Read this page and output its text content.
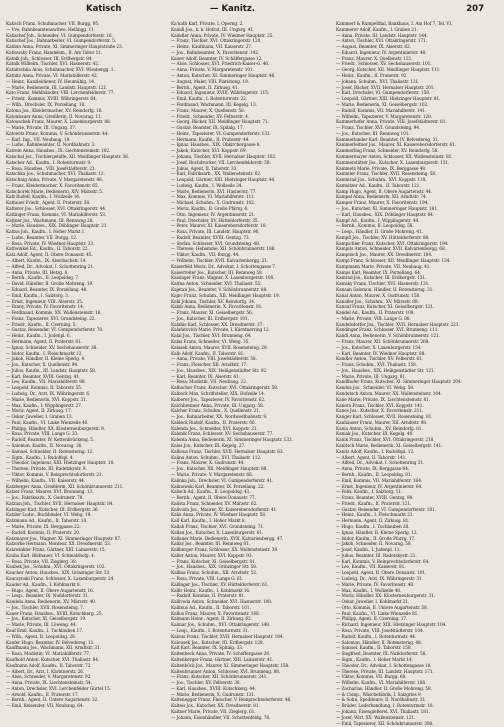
Katisch	— Kanitz.	207

Katisch Franz, Schuhmacher, VII. Burgg. 95.

— Vve, Bahnbeamtenswitwe, Hellingg. 11.

Katischef Joh., Schneider, VI. Gumpendorferstr. 16.

Katischef Jos., Bahnarbeiter, VI. Gumpendorferstr. 5.

Katlein Anna, Private, XI. Simmeringer Hauptstraße 23.

Katlowsky Franz, Handelsm., II. Am Tabor 11.

Katnik Joh., Schlosser, III. Erdbergstr. 84.

Katnik Wilhelm, Tischler, XVI. Hasnerstr. 42.

Katnitschka Alois, Schuhmacher, XVI. Wiesbergg. 1.

Katnitz Anna, Private, VI. Mariahilferstr. 42.

— Heinr., Kanzleidiener, IV. Heumühlg. 14.

— Marie, Bedienerin, III. Landstr. Hauptstr. 121.

Kato Franz, Mehlhändler, VIII. Lerchenfelderstr. 77.

— Friedr., Kommis, XVIII. Währingerstr. 64.

— Wilh., Drechsler, IX. Porzellang. 18.

Katona Jos., Kleidermacher, XV. Reindorfg. 16.

Katonbauer Anna, Greißlerin, II. Novarag. 11.

Katouschek Franz, Maurer, X. Laxenburgerstr. 88.

— Marie, Private, III. Ungarg. 37.

Katowitz Franz, Kommis, V. Schönbrunnerstr. 44.

— Karl, Ing., VII. Neubaug. 19.

— Ludw., Bahnbeamter, II. Nordbahnstr. 3.

Katrein Anna, Hausbes., IX. Liechtensteinstr. 102.

Katschal Jos., Tischlergehilfe, XII. Meidlinger Hauptstr. 36.

Katscher Ad., Kaufm., I. Rotenturmstr. 9.

— Rosa, Hausbes., VIII. Josefstädterstr. 23.

Katschka Jos., Schuhmacher, XVI. Thaliastr. 12.

Katschnig Anna, Private, V. Margaretenstr. 48.

— Franz, Kleidermacher, X. Favoritenstr. 65.

Katschorek Marie, Bedienerin, XIV. Märzstr. 5.

Katt Rudolf, Kaufm., I. Wollzeile 16.

Kattauer Friedr., Agent, II. Praterstr. 38.

Katterer Jos., Schlosser, XVI. Ottakringerstr. 44.

Kattinger Franz, Kommis, VI. Mariahilferstr. 53.

Kattner Jos., Wachmann, III. Rennweg 28.

— Marie, Hausbes., XIX. Döblinger Hauptstr. 21.

Kattus Joh., Kaufm., I. Hoher Markt 1.

— Ludw., Beamter, VII. Burgg. 12.

— Rosa, Private, IV. Wiedner Hauptstr. 33.

Kattwinkel Ed., Kaufm., II. Taborstr. 22.

Katz Adolf, Agent, II. Obere Donaustr. 45.

— Albert, Kaufm., IX. Alserbachstr. 14.

— Alfred, Dr., Advokat, I. Schottenring 21.

— Anna, Private, III. Hetzg. 8.

— Bernh., Kaufm., II. Leopoldsg. 7.

— David, Händler, II. Große Mohreng. 19.

— Eduard, Beamter, IX. Porzellang. 48.

— Emil, Kaufm., I. Salztorg. 3.

— Ernst, Ingenieur, VIII. Alserstr. 25.

— Fanny, Private, IV. Favoritenstr. 14.

— Ferdinand, Kommis, XX. Wallensteinstr. 16.

— Franz, Tapezierer, XVI. Grundsteing. 22.

— Friedr., Kaufm., II. Czerning. 5.

— Gustav, Reisender, VI. Gumpendorferstr. 70.

— Heinr., Kaufm., I. Judenpl. 6.

— Hermann, Agent, II. Praterstr. 61.

— Ignaz, Schneider, XV. Sechshauserstr. 38.

— Isidor, Kaufm., I. Fleischmarkt 12.

— Jakob, Händler, II. Kleine Sperlg. 4.

— Jos., Kutscher, X. Quellenstr. 94.

— Julius, Kaufm., III. Landstr. Hauptstr. 58.

— Karl, Beamter, XVIII. Gentzg. 41.

— Leo, Kaufm., VII. Mariahilferstr. 98.

— Leopold, Kommis, II. Taborstr. 55.

— Ludwig, Dr., Arzt, IX. Währingerstr. 6.

— Marie, Bedienerin, XVI. Koppstr. 31.

— Max, Kaufm., I. Wipplingerstr. 27.

— Moriz, Agent, II. Zirkusg. 17.

— Oskar, Juwelier, I. Graben 13.

— Paul, Kaufm., VI. Linke Wienzeile 40.

— Philipp, Händler, XX. Klosterneuburgerstr. 9.

— Rosa, Private, VIII. Lange G. 33.

— Rudolf, Beamter, IV. Kettenbrückeng. 5.

— Salomon, Kaufm., II. Novarag. 36.

— Samuel, Schneider, II. Rotensterng. 12.

— Sigm., Kaufm., I. Rudolfspl. 4.

— Theodor, Ingenieur, XIII. Hietzinger Hauptstr. 18.

— Therese, Private, III. Radetzkystr. 9.

— Viktor, Kommis, V. Reinprechtsdorferstr. 21.

— Wilhelm, Kaufm., VII. Kaiserstr. 44.

Katzberger Anna, Greißlerin, XII. Schönbrunnerstr. 211.

Katzer Franz, Maurer, XVI. Brunneng. 13.

— Jos., Fabriksarb., X. Gudrunstr. 78.

Katzian Joh., Tischler, XVII. Hernalser Hauptstr. 84.

Katzinger Karl, Kutscher, III. Erdbergstr. 36.

Katzler Ludw., Buchbinder, VI. Webg. 19.

Katzmann Ad., Kaufm., II. Taborstr. 10.

— Marie, Private, IX. Berggasse 22.

— Rudolf, Kommis, II. Praterstr. 20.

Katzmayer Jos., Wagner, XI. Simmeringer Hauptstr. 87.

Katzorke Hermann, Monteur, XX. Dresdnerstr. 53.

Katzwinkler Franz, Gärtner, XIII. Lainzerstr. 15.

Kauba Karl, Bildhauer, VI. Schmalzhofg. 4.

— Rosa, Private, VII. Zieglerg. 38.

Kaubek Jos., Schuhm., XVI. Ottakringerstr. 102.

Kaucher Anton, Hausbes., XIX. Grinzinger Str. 33.

Kauczynski Franz, Schlosser, X. Laxenburgerstr. 24.

Kauder Ad., Kaufm., I. Kohlmarkt 8.

— Hugo, Agent, II. Obere Augartenstr. 16.

— Leop., Beamter, IX. Nußdorferstr. 31.

Kaudela Anna, Bedienerin, XV. Märzstr. 40.

— Jos., Tischler, XVII. Rosensteing. 7.

Kauer Franz, Hausbes., XVIII. Kutschkerg. 25.

— Jos., Kutscher, XI. Geiselbergstr. 19.

— Marie, Private, III. Löweng. 44.

Kauf Emil, Kaufm., I. Tuchlauben 17.

— Wilh., Agent, II. Leopoldsg. 28.

Kaufer Hugo, Beamter, IV. Belvedereg. 11.

Kauffmann Jos., Wachmann, XII. Arndtstr. 31.

— Rosa, Modistin, VI. Mariahilferstr. 77.

Kaufhold Anton, Kutscher, XVI. Thaliastr. 84.

Kaufmann Adolf, Kaufm., II. Taborstr. 72.

— Albert, Dr., Arzt, I. Kärntnerstr. 26.

— Alois, Schneider, V. Margaretenstr. 92.

— Anna, Private, IX. Liechtensteinstr. 54.

— Anton, Drechsler, XVI. Lerchenfelder Gürtel 15.

— Arnold, Kaufm., II. Praterstr. 17.

— Bernh., Agent, II. Untere Augartenstr. 32.

— Emil, Reisender, VII. Neubaug. 64.

Ka'nath Karl, Private, I. Operng. 2.

Kaindl Jos., k. k. Hofrat, III. Ungarg. 41.

Kaindler Anna, Private, IV. Wiedner Hauptstr. 25.

— Franz, Tischler, XVI. Ottakringerstr. 120.

— Heinr., Kaufmann, VII. Kaiserstr. 27.

— Jos., Bahnbeamter, X. Favoritenstr. 142.

Kaiser Adolf, Beamter, IV. Schäffergasse 12.

— Alois, Schlosser, XVI. Friedrich-Kaiser-G. 46.

— Anna, Private, V. Margaretenstr. 101.

— Anton, Kutscher, XI. Simmeringer Hauptstr. 48.

— August, Maler, VIII. Piaristeng. 19.

— Bernh., Agent, II. Zirkusg. 41.

— Eduard, Ingenieur, XVIII. Währingerstr. 115.

— Emil, Kaufm., I. Rotenturmstr. 22.

— Ferdinand, Wachmann, III. Kegelg. 13.

— Franz, Maurer, X. Quellenstr. 58.

— Friedr., Schneider, XV. Felberstr. 4.

— Georg, Bäcker, XII. Meidlinger Hauptstr. 71.

— Gustav, Beamter, IX. Spitalg. 17.

— Heinr., Tapezierer, VI. Gumpendorferstr. 132.

— Hermann, Kaufm., II. Praterstr. 44.

— Ignaz, Hausbes., XIX. Obkirchergasse 8.

— Jakob, Kutscher, XVI. Koppstr. 69.

— Johann, Tischler, XVII. Hernalser Hauptstr. 162.

— Josef, Buchdrucker, VII. Lerchenfelderstr. 58.

— Julius, Agent, II. Taborstr. 33.

— Karl, Fabriksarb., XX. Wallensteinstr. 62.

— Leopold, Gärtner, XIII. Hietzinger Hauptstr. 44.

— Ludwig, Kaufm., I. Wollzeile 34.

— Marie, Bedienerin, XVI. Hasnerstr. 77.

— Max, Kommis, VI. Mariahilferstr. 111.

— Michael, Schuhm., X. Gudrunstr. 102.

— Moriz, Kaufm., II. Große Pfarrg. 6.

— Otto, Ingenieur, IV. Argentinierstr. 21.

— Paul, Drechsler, XV. Hütteldorferstr. 35.

— Peter, Maurer, XI. Kaiserebersdorferstr. 18.

— Rosa, Private, III. Landstr. Hauptstr. 96.

— Rudolf, Beamter, XVIII. Gentzg. 73.

— Stefan, Schlosser, XVI. Grundsteing. 48.

— Therese, Hebamme, XII. Schönbrunnerstr. 188.

— Viktor, Kaufm., VII. Burgg. 44.

— Wilhelm, Tischler, XVII. Kalvarienbergg. 21.

Kaiserfeld Moriz, Dr., Advokat, I. Schottengasse 7.

Kaiserreiter Jos., Kutscher, III. Rennweg 58.

Kaisinger Franz, Wagner, X. Laxenburgerstr. 108.

Kaitna Anton, Schneider, XVI. Thaliastr. 55.

Kajetan Jos., Beamter, V. Schönbrunnerstr. 88.

Kajnc Franz, Schuhm., XII. Meidlinger Hauptstr. 19.

Kakl Johann, Tischler, XV. Reindorfg. 34.

Kalab Anna, Bedienerin, X. Favoritenstr. 81.

— Franz, Maurer, XI. Geiselbergstr. 56.

— Jos., Kutscher, III. Erdbergstr. 101.

Kalabis Karl, Schlosser, XX. Dresdnerstr. 27.

Kalafatovich Marie, Private, I. Kärntnerring 12.

Kalal Jos., Tischler, XVI. Brunneng. 64.

Kalas Franz, Schneider, VI. Webg. 35.

Kalasek Anton, Maurer, XVII. Rosensteing. 29.

Kalb Adolf, Kaufm., II. Taborstr. 81.

— Anna, Private, VIII. Josefstädterstr. 58.

— Franz, Fleischer, XII. Arndtstr. 17.

— Jos., Hausbes., XIX. Heiligenstädter Str. 92.

— Karl, Beamter, IX. Alserstr. 41.

— Rosa, Modistin, VII. Neubaug. 22.

Kalbacher Franz, Kutscher, XVI. Ottakringerstr. 58.

Kalbeck Max, Schriftsteller, XIX. Hofzeile 14.

Kalberer Jos., Tapezierer, IV. Favoritenstr. 62.

Kalchbrenner Anna, Private, III. Ungarg. 58.

Kalcher Franz, Schuhm., X. Quellenstr. 21.

— Jos., Bahnarbeiter, XX. Nordwestbahnstr. 9.

Kaldeck Rudolf, Kaufm., II. Praterstr. 66.

Kalenda Jos., Schneider, XVI. Koppstr. 21.

Kalenik Franz, Schlosser, XV. Sechshauserstr. 77.

Kalenta Anna, Bedienerin, XI. Simmeringer Hauptstr. 133.

Kales Jos., Kutscher, III. Kegelg. 27.

Kalhous Franz, Tischler, XVII. Hernalser Hauptstr. 63.

Kalina Anton, Schuhm., XVI. Thaliastr. 112.

— Franz, Maurer, X. Gudrunstr. 44.

— Jos., Kutscher, XII. Meidlinger Hauptstr. 88.

— Marie, Private, V. Margaretenstr. 66.

Kalinka Joh., Drechsler, VI. Gumpendorferstr. 41.

Kalinowski Karl, Beamter, IX. Porzellang. 22.

Kalisch Ad., Kaufm., II. Leopoldsg. 41.

— Bernh., Agent, II. Obere Donaustr. 77.

Kalista Franz, Schneider, XV. Märzstr. 62.

Kalivoda Jos., Maurer, XI. Kaiserebersdorferstr. 41.

Kalix Anna, Private, IV. Wiedner Hauptstr. 58.

Kall Karl, Kaufm., I. Hoher Markt 8.

Kallab Franz, Tischler, XVI. Grundsteing. 71.

Kallan Jos., Kutscher, X. Laxenburgerstr. 61.

Kallauer Marie, Bedienerin, XVII. Kalvarienbergg. 47.

Kallay Jos., Beamter, III. Rennweg 81.

Kallberger Franz, Schlosser, XX. Wallensteinstr. 38.

Kaller Anton, Maurer, XVI. Koppstr. 93.

— Franz, Kutscher, XI. Geiselbergstr. 81.

— Jos., Hausbes., XIX. Grinzinger Str. 58.

Kallina Franz, Schuhm., XII. Arndtstr. 52.

— Rosa, Private, VIII. Lange G. 61.

Kallinger Jos., Tischler, XV. Hütteldorferstr. 61.

Kallir Heinr., Kaufm., I. Kohlmarkt 16.

— Rudolf, Kommis, II. Praterstr. 81.

Kallivoda Anton, Schneider, XVI. Hasnerstr. 108.

Kallmus Ad., Kaufm., II. Taborstr. 101.

Kallus Franz, Maurer, X. Favoritenstr. 168.

Kalmann Heinr., Agent, II. Zirkusg. 62.

Kalmar Jos., Schuhm., XVI. Ottakringerstr. 148.

— Leop., Kaufm., I. Rotenturmstr. 31.

Kalous Franz, Tischler, XVII. Hernalser Hauptstr. 184.

Kalousek Jos., Kutscher, III. Erdbergstr. 128.

Kalt Karl, Beamter, IX. Spitalg. 33.

Kaltenbeck Anna, Private, IV. Schäffergasse 28.

Kaltenberger Franz, Gärtner, XIII. Lainzerstr. 41.

Kaltenböck Jos., Maurer, XI. Simmeringer Hauptstr. 158.

Kaltenbrunner Anton, Schlosser, XVI. Brunneng. 88.

— Franz, Kutscher, XII. Schönbrunnerstr. 241.

— Jos., Tischler, XV. Felberstr. 38.

— Karl, Hausbes., XVIII. Kutschkerg. 44.

— Marie, Bedienerin, X. Gudrunstr. 131.

Kaltenegger Franz, Fleischer, V. Reinprechtsdorferstr. 48.

Kalteis Jos., Kutscher, XX. Dresdnerstr. 81.

Kaltner Marie, Private, VII. Zieglerg. 61.

— Johann, Eisenhändler, VII. Schottenfeldg. 78.

Kammerl & Rumpelthal, Bankhaus, I. Am Hof 7, Tel. VI.

Kammerer Adolf, Kaufm., I. Graben 21.

— Anna, Private, III. Landstr. Hauptstr. 144.

— Anton, Tischler, XVI. Ottakringerstr. 171.

— August, Beamter, IX. Alserstr. 62.

— Eduard, Ingenieur, IV. Argentinierstr. 48.

— Franz, Maurer, X. Quellenstr. 121.

— Friedr., Schlosser, XV. Sechshauserstr. 101.

— Georg, Kutscher, XII. Meidlinger Hauptstr. 111.

— Heinr., Kaufm., II. Praterstr. 92.

— Johann, Schuhm., XVI. Thaliastr. 131.

— Josef, Bäcker, XVII. Hernalser Hauptstr. 201.

— Karl, Drechsler, VI. Gumpendorferstr. 158.

— Leopold, Gärtner, XIII. Hietzinger Hauptstr. 81.

— Marie, Bedienerin, XI. Geiselbergstr. 102.

— Rudolf, Kommis, VII. Mariahilferstr. 141.

— Wilhelm, Tapezierer, V. Margaretenstr. 128.

Kammerhofer Anna, Private, VIII. Josefstädterstr. 81.

— Franz, Tischler, XVI. Grundsteing. 94.

— Jos., Kutscher, III. Rennweg 101.

Kammerlander Karl, Beamter, IV. Belvedereg. 31.

Kammerleitner Jos., Maurer, XI. Kaiserebersdorferstr. 61.

Kammerling Franz, Schneider, XV. Reindorfg. 58.

Kammermayer Anton, Schlosser, XX. Wallensteinstr. 81.

Kammerstätter Jos., Kutscher, X. Laxenburgerstr. 131.

Kammetz Marie, Private, IX. Berggasse 48.

Kammler Franz, Tischler, XVII. Rosensteing. 58.

Kammrad Jos., Schuhm., XVI. Koppstr. 118.

Kamnitzer Ad., Kaufm., II. Taborstr. 121.

Kamp Hugo, Agent, II. Obere Augartenstr. 44.

Kampel Anna, Bedienerin, XII. Arndtstr. 74.

Kamper Franz, Maurer, X. Favoritenstr. 194.

— Jos., Kutscher, XI. Simmeringer Hauptstr. 181.

— Karl, Hausbes., XIX. Döblinger Hauptstr. 64.

Kampf Ad., Kaufm., I. Wipplingerstr. 44.

— Bernh., Kommis, II. Leopoldsg. 58.

— Leop., Händler, II. Große Mohreng. 41.

Kampfl Jos., Tischler, XV. Hütteldorferstr. 88.

Kampichler Franz, Kutscher, XVI. Ottakringerstr. 194.

Kampits Anton, Schneider, XVII. Kalvarienbergg. 68.

Kampitsch Jos., Maurer, XX. Dresdnerstr. 104.

Kampl Franz, Schlosser, XII. Meidlinger Hauptstr. 134.

Kampmann Marie, Private, VII. Neubaug. 41.

Kamps Karl, Beamter, IX. Porzellang. 64.

Kamrad Jos., Kutscher, III. Erdbergstr. 151.

Kamsky Franz, Tischler, XVI. Hasnerstr. 131.

Kanaan Salomon, Händler, II. Rotensterng. 31.

Kanal Anton, Maurer, X. Gudrunstr. 158.

Kanaller Jos., Schuhm., XV. Märzstr. 88.

Kanauf Franz, Kutscher, XI. Geiselbergstr. 121.

Kandel Ad., Kaufm., II. Praterstr. 108.

— Marie, Private, VIII. Lange G. 88.

Kandelsdorfer Jos., Tischler, XVII. Hernalser Hauptstr. 221.

Kandinger Franz, Schlosser, XVI. Brunneng. 111.

Kandl Anna, Bedienerin, V. Schönbrunnerstr. 121.

— Franz, Maurer, XII. Schönbrunnerstr. 268.

— Jos., Kutscher, X. Laxenburgerstr. 154.

— Karl, Beamter, IV. Wiedner Hauptstr. 88.

Kandler Anton, Tischler, XV. Felberstr. 61.

— Franz, Schuhm., XVI. Thaliastr. 158.

— Jos., Hausbes., XIX. Heiligenstädter Str. 121.

— Marie, Private, III. Ungarg. 81.

Kandlhofer Franz, Kutscher, XI. Simmeringer Hauptstr. 204.

Kandus Jos., Schneider, VI. Webg. 58.

Kandutsch Anton, Maurer, XX. Wallensteinstr. 104.

Kane Marie, Private, IX. Liechtensteinstr. 81.

Kanera Franz, Tischler, XVI. Koppstr. 141.

Kanes Jos., Kutscher, X. Favoritenstr. 211.

Kanger Karl, Schlosser, XVII. Rosensteing. 81.

Kanhäuser Franz, Maurer, XII. Arndtstr. 98.

Kania Anton, Schuhm., XV. Reindorfg. 81.

Kaniak Jos., Kutscher, III. Kegelg. 48.

Kanik Franz, Tischler, XVI. Ottakringerstr. 218.

Kanitsch Marie, Bedienerin, XI. Geiselbergstr. 141.

Kanitz Adolf, Kaufm., I. Rudolfspl. 12.

— Albert, Agent, II. Taborstr. 141.

— Alfred, Dr., Advokat, I. Schottenring 31.

— Anna, Private, IX. Berggasse 64.

— Bernh., Kaufm., II. Leopoldsg. 81.

— Emil, Kommis, VII. Mariahilferstr. 164.

— Ernst, Ingenieur, IV. Argentinierstr. 64.

— Felix, Kaufm., I. Salztorg. 11.

— Franz, Beamter, XVIII. Gentzg. 98.

— Friedr., Kaufm., II. Praterstr. 121.

— Gustav, Reisender, VI. Gumpendorferstr. 181.

— Heinr., Kaufm., I. Fleischmarkt 21.

— Hermann, Agent, II. Zirkusg. 81.

— Hugo, Kaufm., I. Tuchlauben 28.

— Ignaz, Händler, II. Kleine Sperlg. 12.

— Isidor, Kaufm., II. Große Pfarrg. 17.

— Jakob, Schneider, II. Novarag. 58.

— Josef, Kaufm., I. Judenpl. 11.

— Julius, Beamter, III. Radetzkystr. 21.

— Karl, Kommis, V. Reinprechtsdorferstr. 64.

— Leo, Kaufm., VII. Kaiserstr. 81.

— Leopold, Agent, II. Obere Donaustr. 101.

— Ludwig, Dr., Arzt, IX. Währingerstr. 31.

— Marie, Private, IV. Favoritenstr. 48.

— Max, Kaufm., I. Wollzeile 48.

— Moriz, Händler, XX. Klosterneuburgerstr. 31.

— Oskar, Juwelier, I. Kohlmarkt 21.

— Otto, Kommis, II. Untere Augartenstr. 58.

— Paul, Kaufm., VI. Linke Wienzeile 81.

— Philipp, Agent, II. Czerning. 17.

— Richard, Ingenieur, XIII. Hietzinger Hauptstr. 104.

— Rosa, Private, VIII. Josefstädterstr. 104.

— Rudolf, Kaufm., I. Rotenturmstr. 44.

— Salomon, Händler, II. Rotensterng. 48.

— Samuel, Kaufm., II. Taborstr. 158.

— Siegfried, Beamter, IX. Nußdorferstr. 58.

— Sigm., Kaufm., I. Hoher Markt 14.

— Theodor, Dr., Advokat, I. Schottengasse 18.

— Therese, Private, III. Landstr. Hauptstr. 171.

— Viktor, Kommis, VII. Burgg. 68.

— Wilhelm, Kaufm., VI. Mariahilferstr. 188.

— Zacharias, Händler, II. Große Mohreng. 58.

— & Comp., Wäschefabrik, I. Salzgries 9.

— & Sohn, Spediteure, II. Nordbahnstr. 21.

— Brüder, Lederhandlung, I. Rotenturmstr. 18.

— Johann, Eisengießerei, XVI. Thaliastr. 181.

— Josef, Wirt, XX. Wallensteinstr. 121.

— Emil, Tapezierer, XII. Schönbrunnerstr. 288.
